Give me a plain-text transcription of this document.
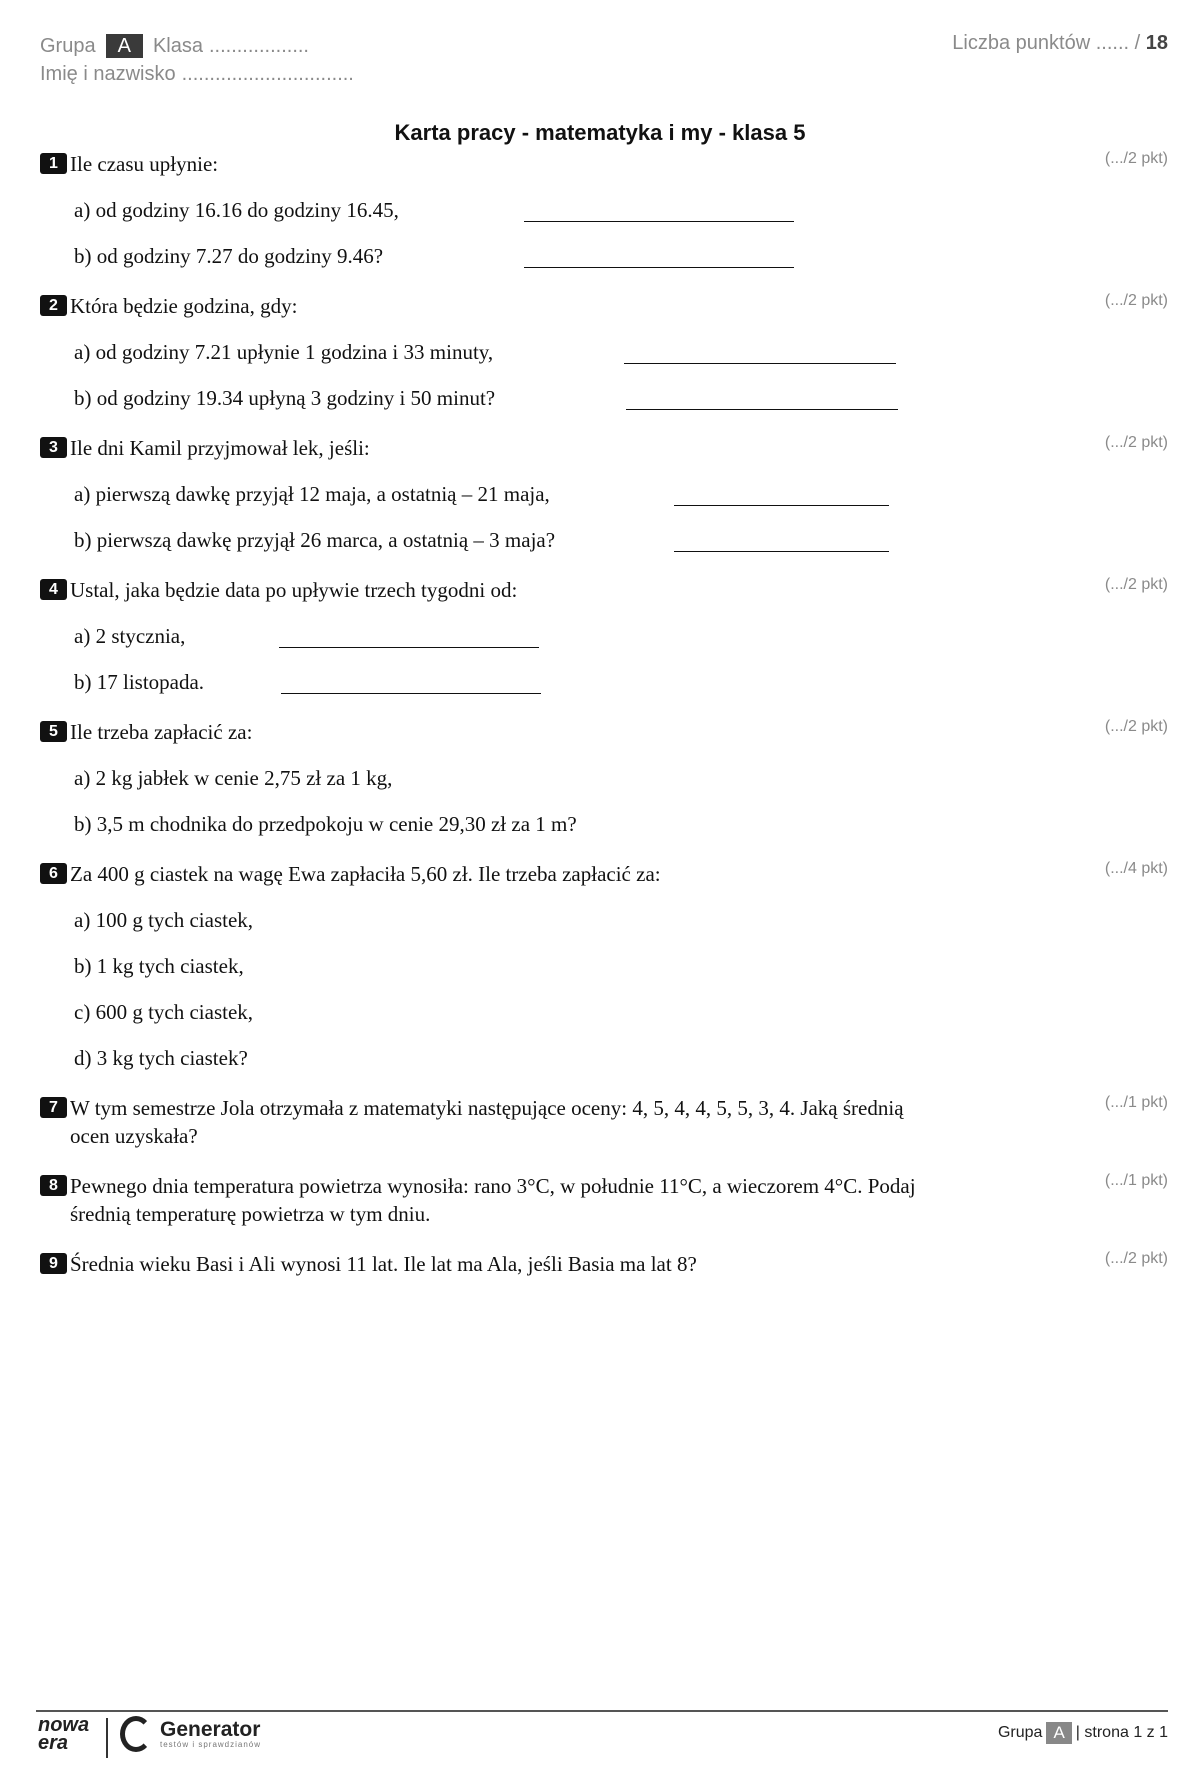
Grupa	A	Klasa ..................
Imię i nazwisko ...............................
Liczba punktów ...... / 18
Karta pracy - matematyka i my - klasa 5
1 Ile czasu upłynie:	(.../2 pkt)
a) od godziny 16.16 do godziny 16.45,
b) od godziny 7.27 do godziny 9.46?
2 Która będzie godzina, gdy:	(.../2 pkt)
a) od godziny 7.21 upłynie 1 godzina i 33 minuty,
b) od godziny 19.34 upłyną 3 godziny i 50 minut?
3 Ile dni Kamil przyjmował lek, jeśli:	(.../2 pkt)
a) pierwszą dawkę przyjął 12 maja, a ostatnią – 21 maja,
b) pierwszą dawkę przyjął 26 marca, a ostatnią – 3 maja?
4 Ustal, jaka będzie data po upływie trzech tygodni od:	(.../2 pkt)
a) 2 stycznia,
b) 17 listopada.
5 Ile trzeba zapłacić za:	(.../2 pkt)
a) 2 kg jabłek w cenie 2,75 zł za 1 kg,
b) 3,5 m chodnika do przedpokoju w cenie 29,30 zł za 1 m?
6 Za 400 g ciastek na wagę Ewa zapłaciła 5,60 zł. Ile trzeba zapłacić za:	(.../4 pkt)
a) 100 g tych ciastek,
b) 1 kg tych ciastek,
c) 600 g tych ciastek,
d) 3 kg tych ciastek?
7 W tym semestrze Jola otrzymała z matematyki następujące oceny: 4, 5, 4, 4, 5, 5, 3, 4. Jaką średnią ocen uzyskała?
(.../1 pkt)
8 Pewnego dnia temperatura powietrza wynosiła: rano 3°C, w południe 11°C, a wieczorem 4°C. Podaj średnią temperaturę powietrza w tym dniu.
(.../1 pkt)
9 Średnia wieku Basi i Ali wynosi 11 lat. Ile lat ma Ala, jeśli Basia ma lat 8?	(.../2 pkt)
nowa
era
Generator
testów i sprawdzianów
Grupa A | strona 1 z 1
